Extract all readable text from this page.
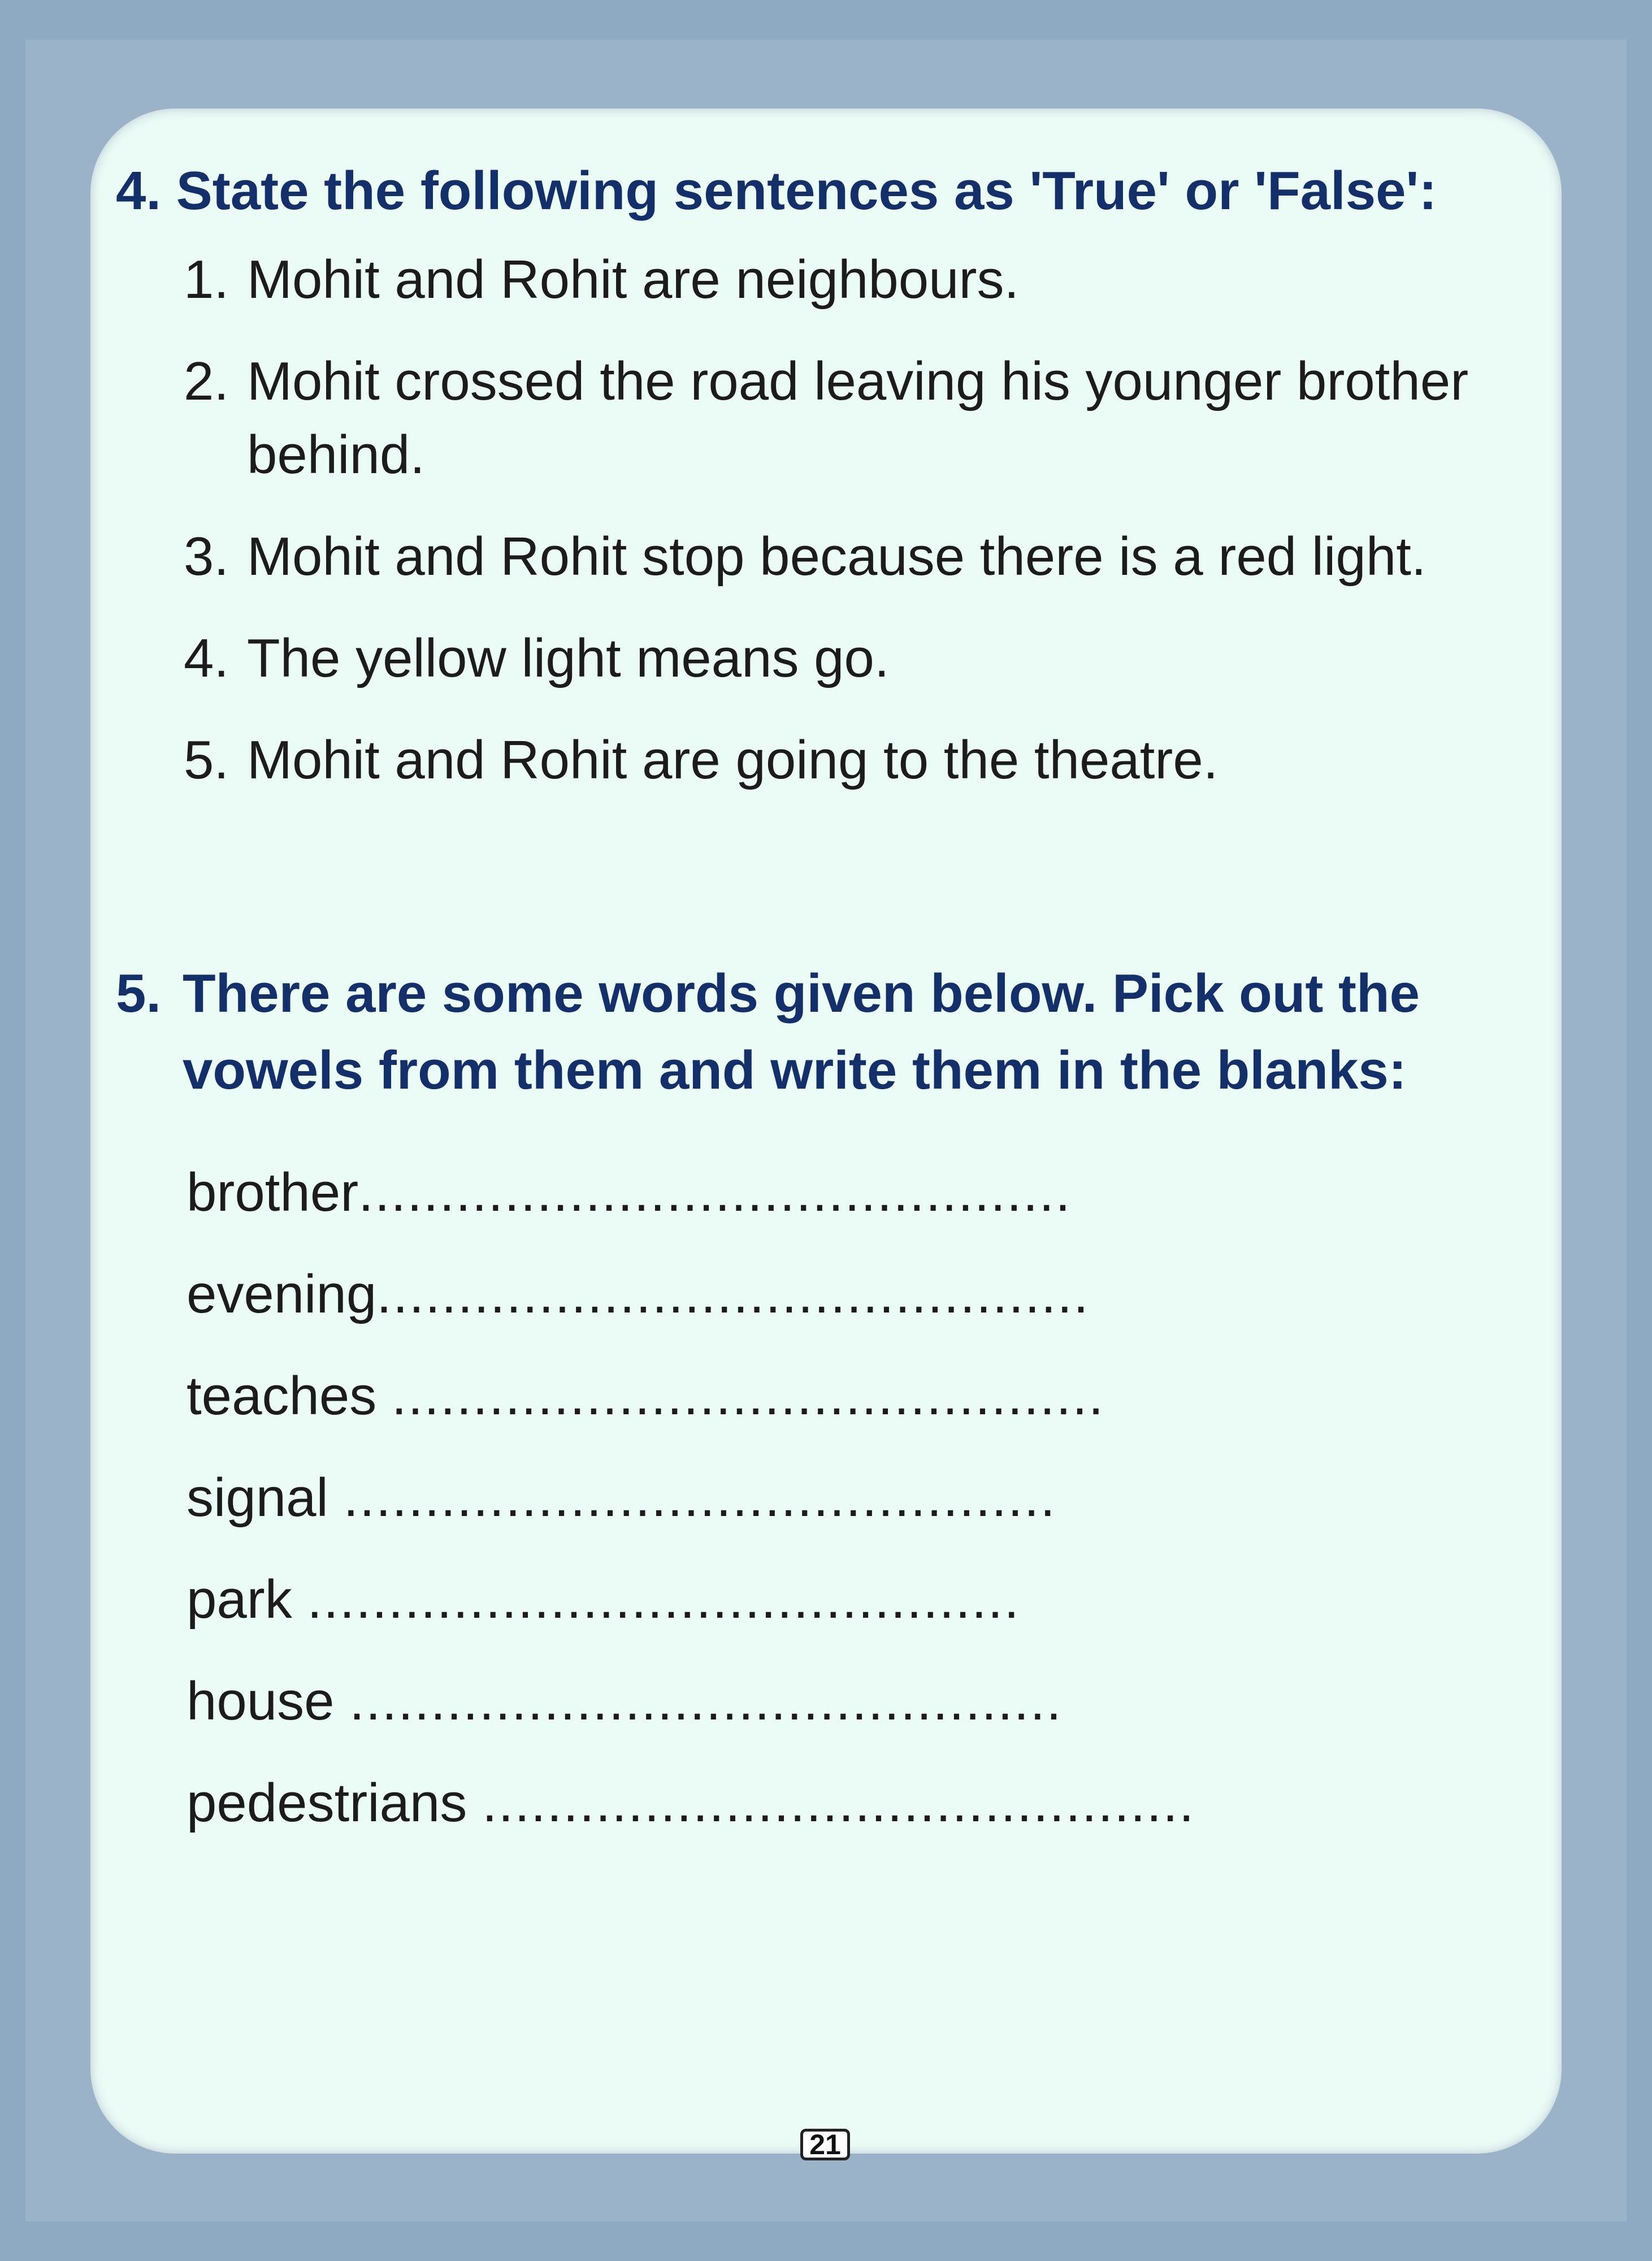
4. State the following sentences as 'True' or 'False':
1. Mohit and Rohit are neighbours.
2. Mohit crossed the road leaving his younger brother behind.
3. Mohit and Rohit stop because there is a red light.
4. The yellow light means go.
5. Mohit and Rohit are going to the theatre.
5. There are some words given below. Pick out the
vowels from them and write them in the blanks:
brother............................................
evening............................................
teaches ............................................
signal ............................................
park ............................................
house ............................................
pedestrians ............................................
21
